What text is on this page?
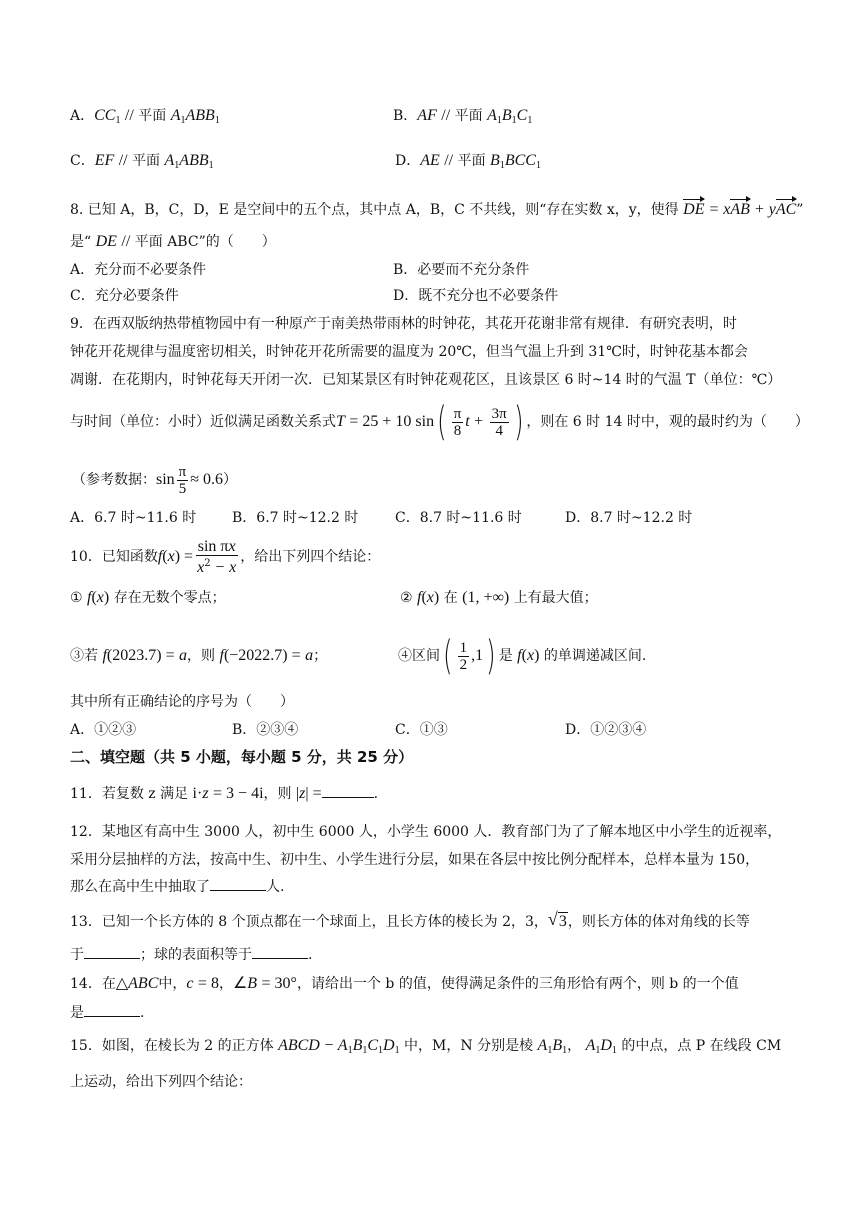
A．$CC_1$ // 平面 $A_1ABB_1$	B．AF // 平面 $A_1B_1C_1$
C．EF // 平面 $A_1ABB_1$	D．AE // 平面 $B_1BCC_1$
8. 已知 A，B，C，D，E 是空间中的五个点，其中点 A，B，C 不共线，则“存在实数 x，y，使得 DE = xAB + yAC”
是“ DE // 平面 ABC”的（　　）
A．充分而不必要条件	B．必要而不充分条件
C．充分必要条件	D．既不充分也不必要条件
9．在西双版纳热带植物园中有一种原产于南美热带雨林的时钟花，其花开花谢非常有规律．有研究表明，时
钟花开花规律与温度密切相关，时钟花开花所需要的温度为 20℃，但当气温上升到 31℃时，时钟花基本都会
凋谢．在花期内，时钟花每天开闭一次．已知某景区有时钟花观花区，且该景区 6 时~14 时的气温 T（单位：℃）
与时间（单位：小时）近似满足函数关系式T = 25 + 10 $\sin( \frac{\pi}{8}$ $t + \frac{3\pi}{4}$ ) ，则在 6 时 14 时中，观的最时约为（　　）
（参考数据：$\sin \frac{\pi}{5} \approx 0.6$）
A．6.7 时~11.6 时	B．6.7 时~12.2 时	C．8.7 时~11.6 时	D．8.7 时~12.2 时
10．已知函数$f(x) = \frac{\text{sin πx}}{x^2 - x}$ ，给出下列四个结论：
① f(x) 存在无数个零点；	② f(x) 在 (1, +∞) 上有最大值；
③若 f(2023.7) = a，则 f(−2022.7) = a；	④区间( $\frac{1}{2} ,1$) 是 f(x) 的单调递减区间.
其中所有正确结论的序号为（　　）
A．①②③	B．②③④	C．①③	D．①②③④
二、填空题（共 5 小题，每小题 5 分，共 25 分）
11．若复数 z 满足 i·z = 3 − 4i，则 |z| =	.
12．某地区有高中生 3000 人，初中生 6000 人，小学生 6000 人．教育部门为了了解本地区中小学生的近视率，
采用分层抽样的方法，按高中生、初中生、小学生进行分层，如果在各层中按比例分配样本，总样本量为 150，
那么在高中生中抽取了	人.
13．已知一个长方体的 8 个顶点都在一个球面上，且长方体的棱长为 2，3， √ 3，则长方体的体对角线的长等
于	；球的表面积等于	.
14．在△ABC中，c = 8，∠B = 30°，请给出一个 b 的值，使得满足条件的三角形恰有两个，则 b 的一个值
是	.
15．如图，在棱长为 2 的正方体 ABCD − $A_1B_1C_1D_1$ 中，M，N 分别是棱 $A_1B_1$， $A_1D_1$ 的中点，点 P 在线段 CM
上运动，给出下列四个结论：
